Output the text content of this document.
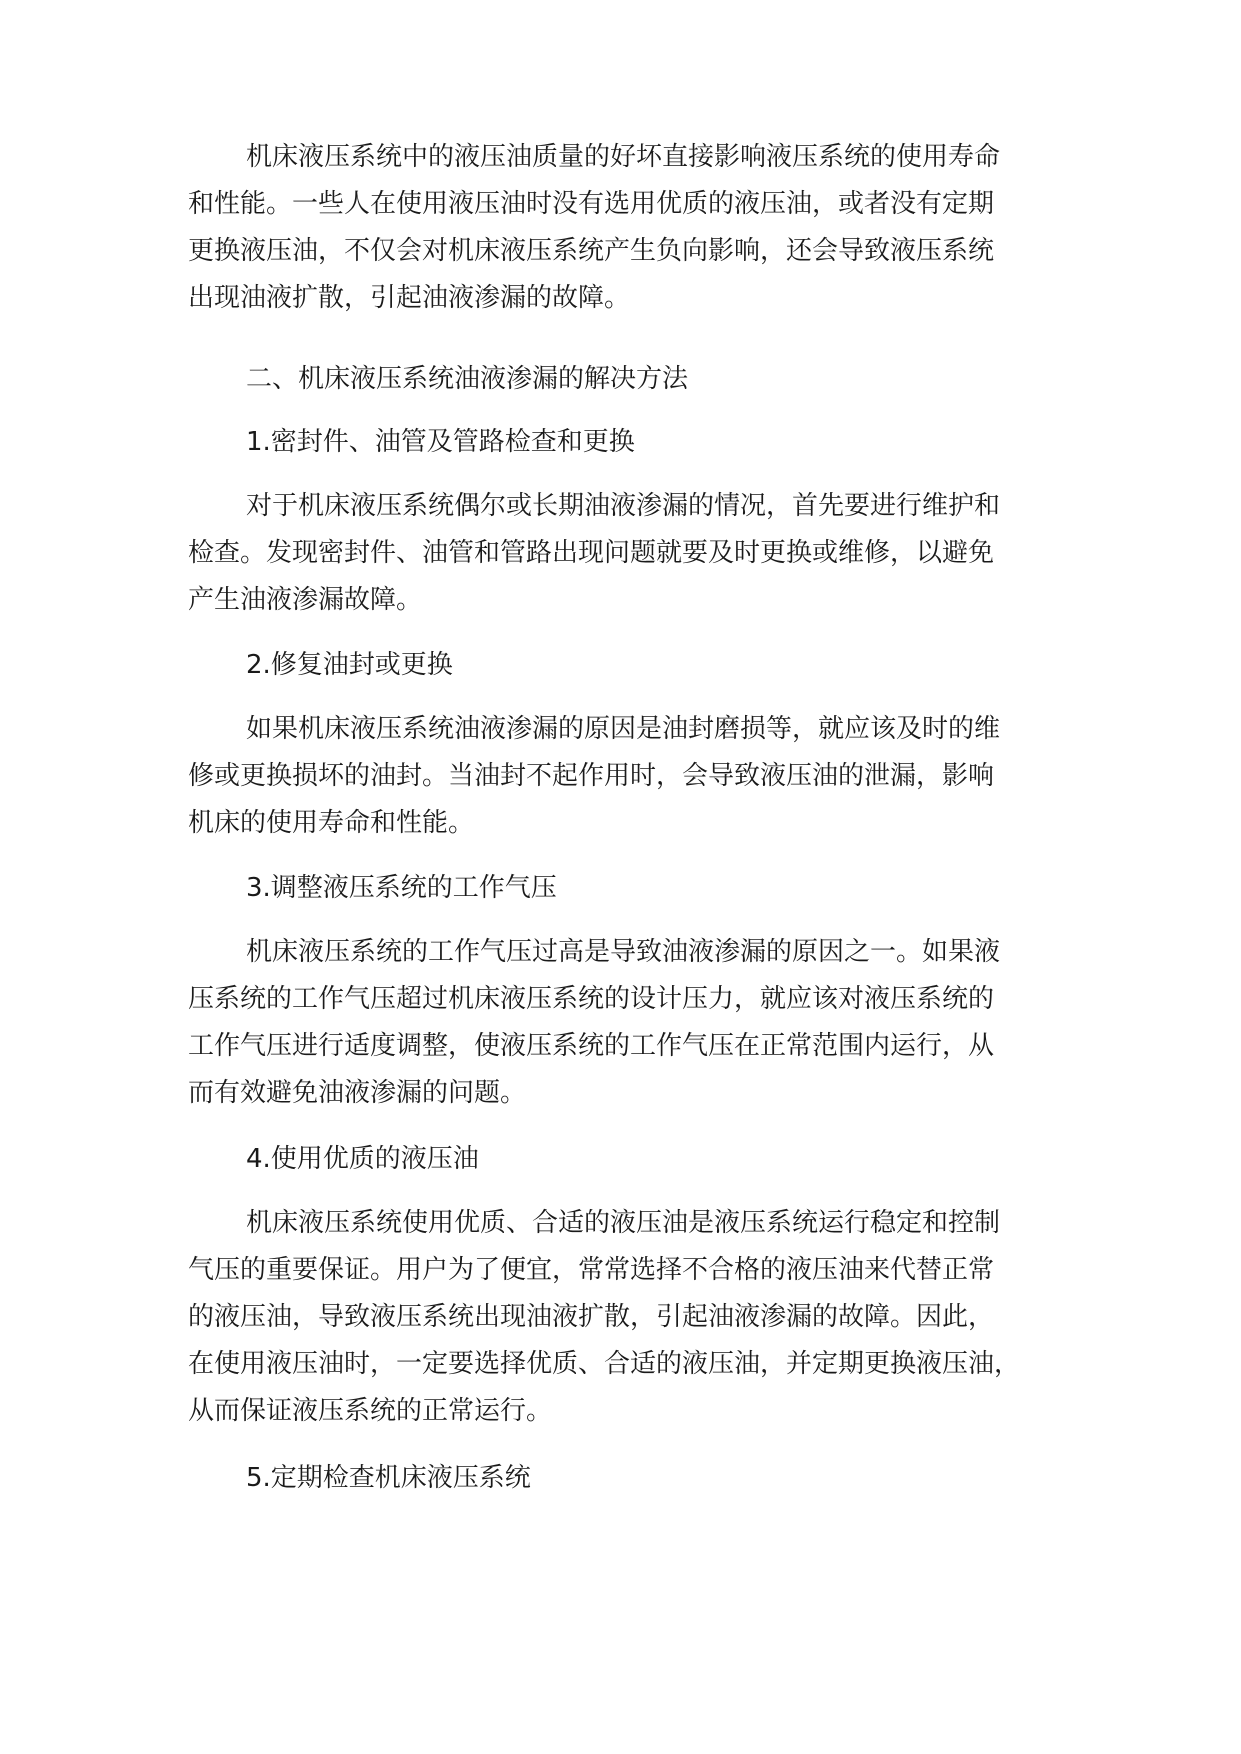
机床液压系统中的液压油质量的好坏直接影响液压系统的使用寿命
和性能。一些人在使用液压油时没有选用优质的液压油，或者没有定期
更换液压油，不仅会对机床液压系统产生负向影响，还会导致液压系统
出现油液扩散，引起油液渗漏的故障。
二、机床液压系统油液渗漏的解决方法
1.密封件、油管及管路检查和更换
对于机床液压系统偶尔或长期油液渗漏的情况，首先要进行维护和
检查。发现密封件、油管和管路出现问题就要及时更换或维修，以避免
产生油液渗漏故障。
2.修复油封或更换
如果机床液压系统油液渗漏的原因是油封磨损等，就应该及时的维
修或更换损坏的油封。当油封不起作用时，会导致液压油的泄漏，影响
机床的使用寿命和性能。
3.调整液压系统的工作气压
机床液压系统的工作气压过高是导致油液渗漏的原因之一。如果液
压系统的工作气压超过机床液压系统的设计压力，就应该对液压系统的
工作气压进行适度调整，使液压系统的工作气压在正常范围内运行，从
而有效避免油液渗漏的问题。
4.使用优质的液压油
机床液压系统使用优质、合适的液压油是液压系统运行稳定和控制
气压的重要保证。用户为了便宜，常常选择不合格的液压油来代替正常
的液压油，导致液压系统出现油液扩散，引起油液渗漏的故障。因此，
在使用液压油时，一定要选择优质、合适的液压油，并定期更换液压油，
从而保证液压系统的正常运行。
5.定期检查机床液压系统
